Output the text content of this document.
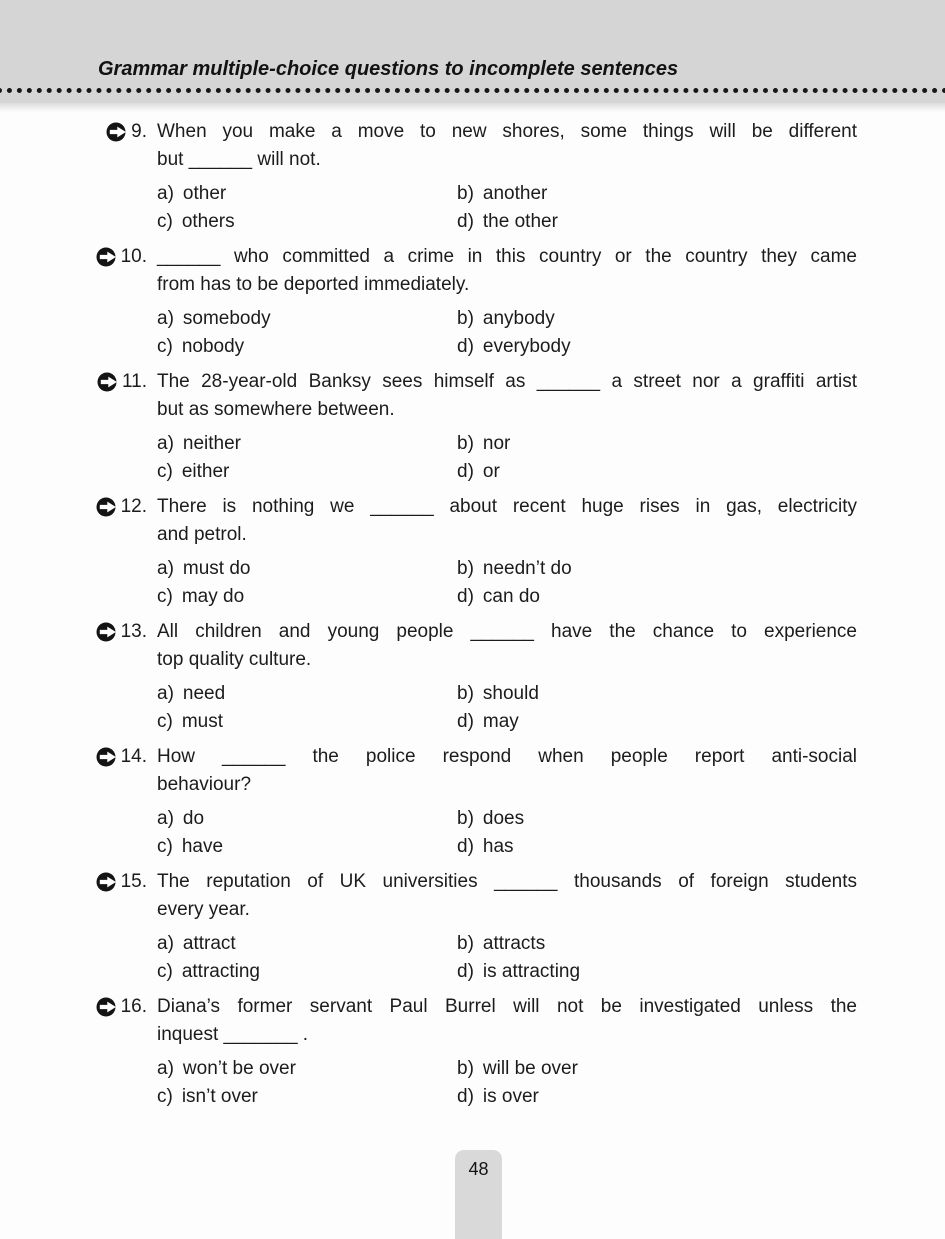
Grammar multiple-choice questions to incomplete sentences
9. When you make a move to new shores, some things will be different
but ______ will not.
a) other	b) another
c) others	d) the other
10. ______ who committed a crime in this country or the country they came
from has to be deported immediately.
a) somebody	b) anybody
c) nobody	d) everybody
11. The 28-year-old Banksy sees himself as ______ a street nor a graffiti artist
but as somewhere between.
a) neither	b) nor
c) either	d) or
12. There is nothing we ______ about recent huge rises in gas, electricity
and petrol.
a) must do	b) needn’t do
c) may do	d) can do
13. All children and young people ______ have the chance to experience
top quality culture.
a) need	b) should
c) must	d) may
14. How ______ the police respond when people report anti-social
behaviour?
a) do	b) does
c) have	d) has
15. The reputation of UK universities ______ thousands of foreign students
every year.
a) attract	b) attracts
c) attracting	d) is attracting
16. Diana’s former servant Paul Burrel will not be investigated unless the
inquest _______ .
a) won’t be over	b) will be over
c) isn’t over	d) is over
48
